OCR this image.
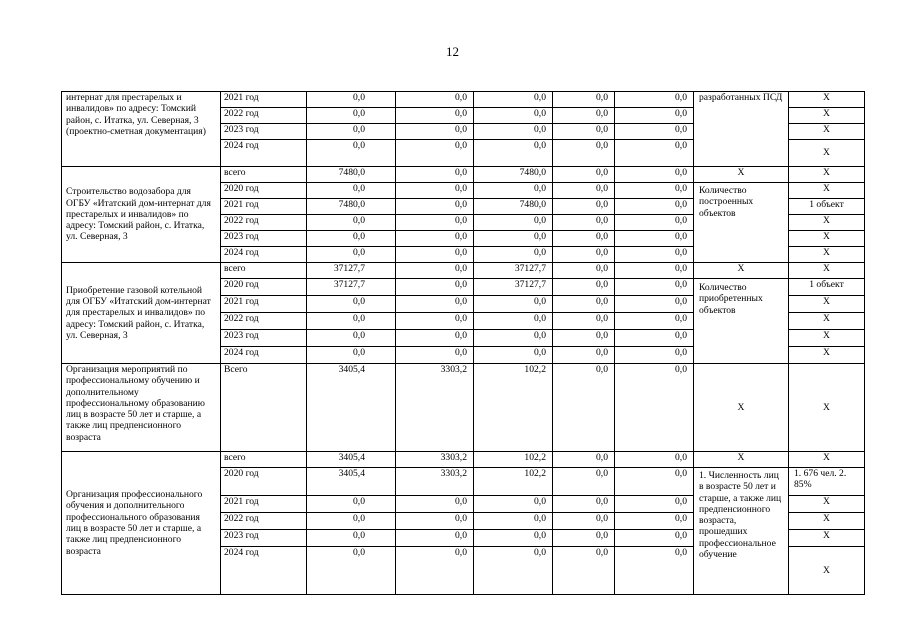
12
интернат для престарелых и инвалидов» по адресу: Томский район, с. Итатка, ул. Северная, 3 (проектно-сметная документация)	2021 год	0,0	0,0	0,0	0,0	0,0	разработанных ПСД	Х
	2022 год	0,0	0,0	0,0	0,0	0,0		Х
	2023 год	0,0	0,0	0,0	0,0	0,0		Х
	2024 год	0,0	0,0	0,0	0,0	0,0		Х
Строительство водозабора для ОГБУ «Итатский дом-интернат для престарелых и инвалидов» по адресу: Томский район, с. Итатка, ул. Северная, 3	всего	7480,0	0,0	7480,0	0,0	0,0	Х	Х
	2020 год	0,0	0,0	0,0	0,0	0,0	Количество построенных объектов	Х
	2021 год	7480,0	0,0	7480,0	0,0	0,0		1 объект
	2022 год	0,0	0,0	0,0	0,0	0,0		Х
	2023 год	0,0	0,0	0,0	0,0	0,0		Х
	2024 год	0,0	0,0	0,0	0,0	0,0		Х
Приобретение газовой котельной для ОГБУ «Итатский дом-интернат для престарелых и инвалидов» по адресу: Томский район, с. Итатка, ул. Северная, 3	всего	37127,7	0,0	37127,7	0,0	0,0	Х	Х
	2020 год	37127,7	0,0	37127,7	0,0	0,0	Количество приобретенных объектов	1 объект
	2021 год	0,0	0,0	0,0	0,0	0,0		Х
	2022 год	0,0	0,0	0,0	0,0	0,0		Х
	2023 год	0,0	0,0	0,0	0,0	0,0		Х
	2024 год	0,0	0,0	0,0	0,0	0,0		Х
Организация мероприятий по профессиональному обучению и дополнительному профессиональному образованию лиц в возрасте 50 лет и старше, а также лиц предпенсионного возраста	Всего	3405,4	3303,2	102,2	0,0	0,0	Х	Х
Организация профессионального обучения и дополнительного профессионального образования лиц в возрасте 50 лет и старше, а также лиц предпенсионного возраста	всего	3405,4	3303,2	102,2	0,0	0,0	Х	Х
	2020 год	3405,4	3303,2	102,2	0,0	0,0	1. Численность лиц в возрасте 50 лет и старше, а также лиц предпенсионного возраста, прошедших профессиональное обучение	1. 676 чел. 2. 85%
	2021 год	0,0	0,0	0,0	0,0	0,0		Х
	2022 год	0,0	0,0	0,0	0,0	0,0		Х
	2023 год	0,0	0,0	0,0	0,0	0,0		Х
	2024 год	0,0	0,0	0,0	0,0	0,0		Х
